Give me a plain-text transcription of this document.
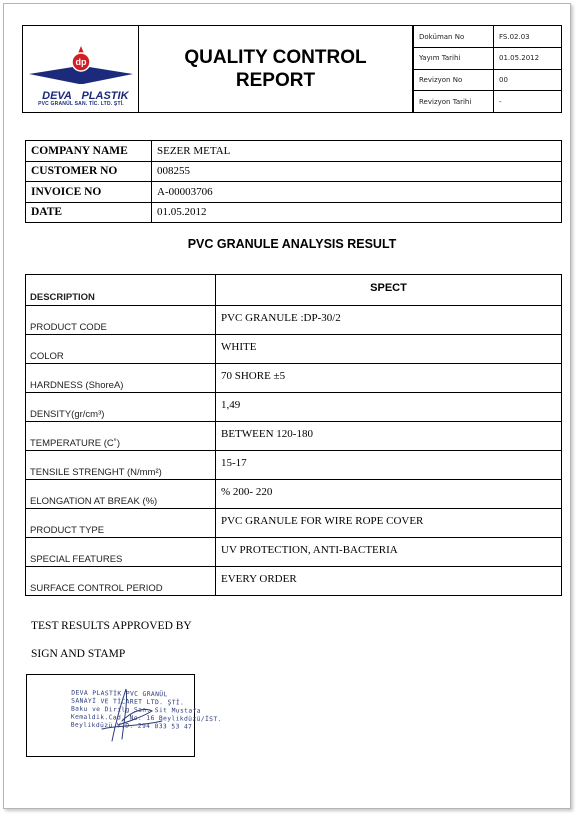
dp
DEVA PLASTIK
PVC GRANÜL SAN. TİC. LTD. ŞTİ.
QUALITY CONTROL
REPORT
Doküman No	FS.02.03
Yayım Tarihi	01.05.2012
Revizyon No	00
Revizyon Tarihi	-
COMPANY NAME	SEZER METAL
CUSTOMER NO	008255
INVOICE NO	A-00003706
DATE	01.05.2012
PVC GRANULE ANALYSIS RESULT
DESCRIPTION	SPECT
PRODUCT CODE	PVC GRANULE :DP-30/2
COLOR	WHITE
HARDNESS (ShoreA)	70 SHORE ±5
DENSITY(gr/cm³)	1,49
TEMPERATURE (C˚)	BETWEEN 120-180
TENSILE STRENGHT (N/mm²)	15-17
ELONGATION AT BREAK (%)	% 200- 220
PRODUCT TYPE	PVC GRANULE FOR WIRE ROPE COVER
SPECIAL FEATURES	UV PROTECTION, ANTI-BACTERIA
SURFACE CONTROL PERIOD	EVERY ORDER
TEST RESULTS APPROVED BY
SIGN AND STAMP
DEVA PLASTİK PVC GRANÜL
SANAYİ VE TİCARET LTD. ŞTİ.
Baku ve Dirilg San. Sit Mustafa
Kemaldik.Cad. No: 16 Beylikdüzü/İST.
Beylikdüzü V.D. 294 033 53 47
